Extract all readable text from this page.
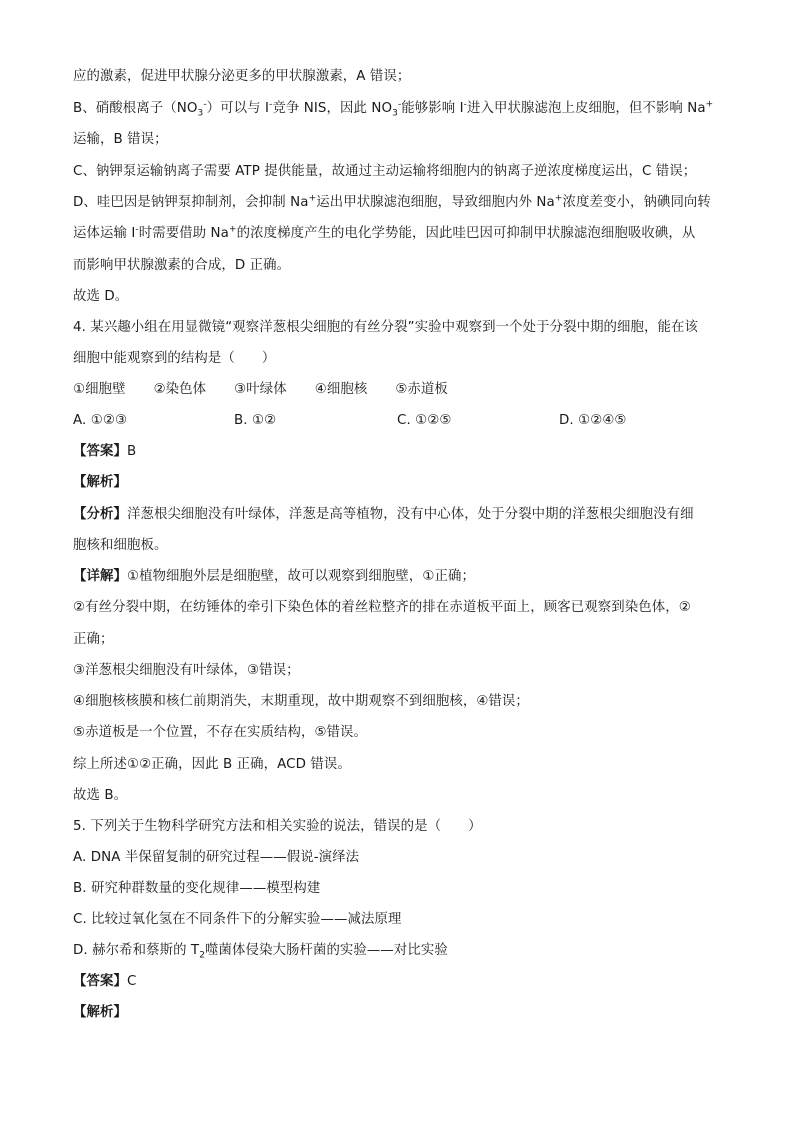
应的激素，促进甲状腺分泌更多的甲状腺激素，A 错误；
B、硝酸根离子$(NO_3^-)$可以与 I-竞争 NIS，因此 $NO_3^-$能够影响 I-进入甲状腺滤泡上皮细胞，但不影响 Na+
运输，B 错误；
C、钠钾泵运输钠离子需要 ATP 提供能量，故通过主动运输将细胞内的钠离子逆浓度梯度运出，C 错误；
D、哇巴因是钠钾泵抑制剂，会抑制 Na+运出甲状腺滤泡细胞，导致细胞内外 Na+浓度差变小，钠碘同向转
运体运输 I-时需要借助 Na+的浓度梯度产生的电化学势能，因此哇巴因可抑制甲状腺滤泡细胞吸收碘，从
而影响甲状腺激素的合成，D 正确。
故选 D。
4. 某兴趣小组在用显微镜“观察洋葱根尖细胞的有丝分裂”实验中观察到一个处于分裂中期的细胞，能在该
细胞中能观察到的结构是（　　）
①细胞壁 ②染色体 ③叶绿体 ④细胞核 ⑤赤道板
A. ①②③	B. ①②	C. ①②⑤	D. ①②④⑤
【答案】B
【解析】
【分析】洋葱根尖细胞没有叶绿体，洋葱是高等植物，没有中心体，处于分裂中期的洋葱根尖细胞没有细
胞核和细胞板。
【详解】①植物细胞外层是细胞壁，故可以观察到细胞壁，①正确；
②有丝分裂中期，在纺锤体的牵引下染色体的着丝粒整齐的排在赤道板平面上，顾客已观察到染色体，②
正确；
③洋葱根尖细胞没有叶绿体，③错误；
④细胞核核膜和核仁前期消失，末期重现，故中期观察不到细胞核，④错误；
⑤赤道板是一个位置，不存在实质结构，⑤错误。
综上所述①②正确，因此 B 正确，ACD 错误。
故选 B。
5. 下列关于生物科学研究方法和相关实验的说法，错误的是（　　）
A. DNA 半保留复制的研究过程——假说-演绎法
B. 研究种群数量的变化规律——模型构建
C. 比较过氧化氢在不同条件下的分解实验——减法原理
D. 赫尔希和蔡斯的 $T_2$噬菌体侵染大肠杆菌的实验——对比实验
【答案】C
【解析】
